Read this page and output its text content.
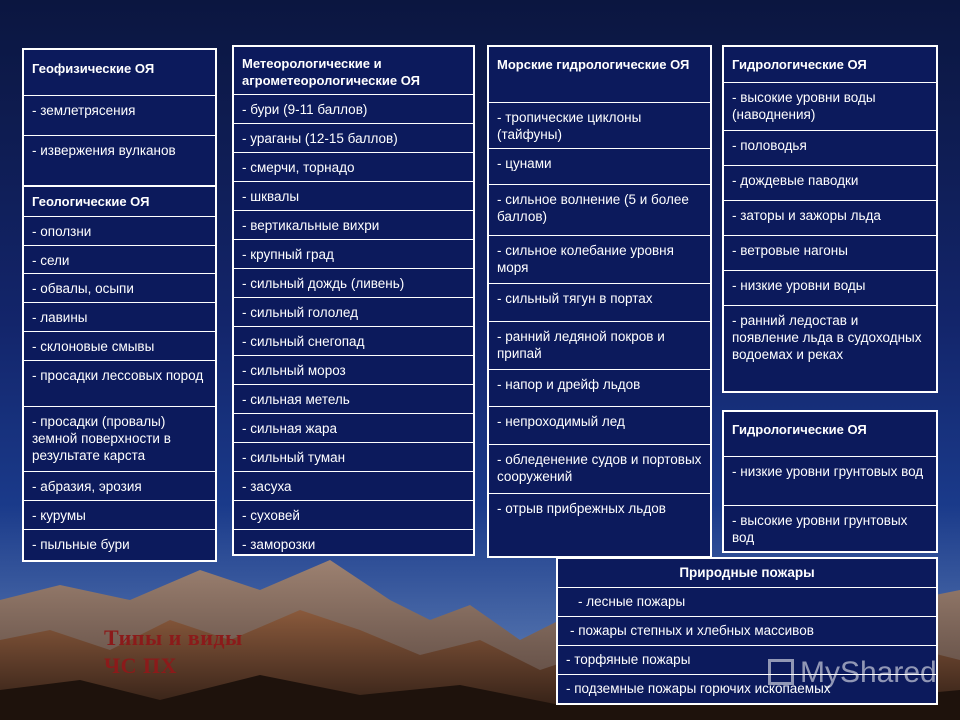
Геофизические ОЯ
- землетрясения
- извержения вулканов
Геологические ОЯ
- оползни
- сели
- обвалы, осыпи
- лавины
- склоновые смывы
- просадки лессовых пород
- просадки (провалы) земной поверхности в результате карста
- абразия, эрозия
- курумы
- пыльные бури
Метеорологические и агрометеорологические ОЯ
- бури (9-11 баллов)
- ураганы (12-15 баллов)
- смерчи, торнадо
- шквалы
- вертикальные вихри
- крупный град
- сильный дождь (ливень)
- сильный гололед
- сильный снегопад
- сильный мороз
- сильная метель
- сильная жара
- сильный туман
- засуха
- суховей
- заморозки
Морские гидрологические ОЯ
- тропические циклоны (тайфуны)
- цунами
- сильное волнение (5 и более баллов)
- сильное колебание уровня моря
- сильный тягун в портах
- ранний ледяной покров и припай
- напор и дрейф льдов
- непроходимый лед
- обледенение судов и портовых сооружений
- отрыв прибрежных льдов
Гидрологические ОЯ
- высокие уровни воды (наводнения)
- половодья
- дождевые паводки
- заторы и зажоры льда
- ветровые нагоны
- низкие уровни воды
- ранний ледостав и появление льда в судоходных водоемах и реках
Гидрологические ОЯ
- низкие уровни грунтовых вод
- высокие уровни грунтовых вод
Природные пожары
- лесные пожары
- пожары степных и хлебных массивов
- торфяные пожары
- подземные пожары горючих ископаемых
Типы и виды ЧС ПХ	MyShared
